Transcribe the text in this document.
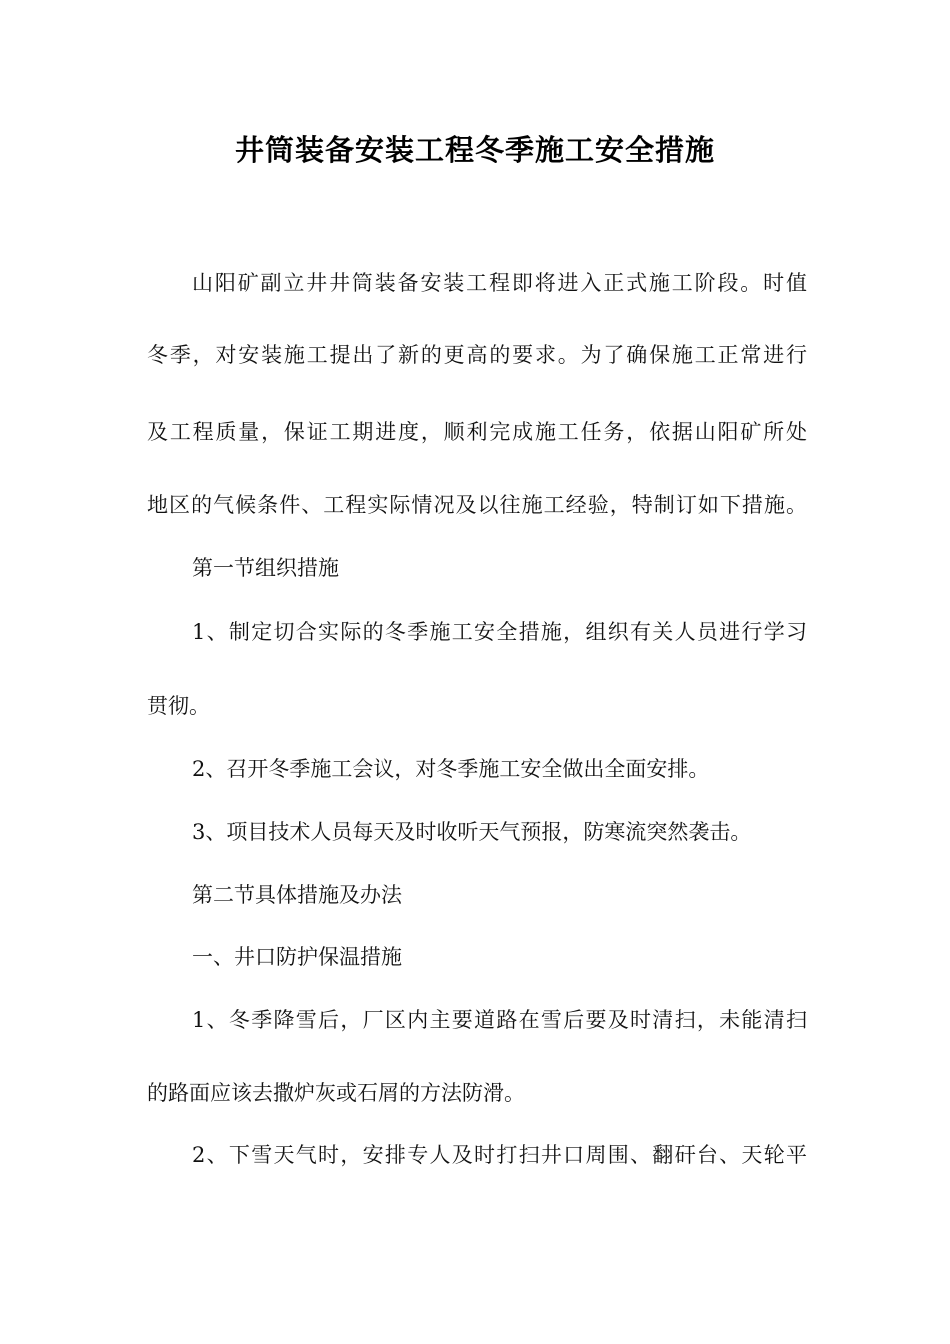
井筒装备安装工程冬季施工安全措施
山阳矿副立井井筒装备安装工程即将进入正式施工阶段。时值
冬季，对安装施工提出了新的更高的要求。为了确保施工正常进行
及工程质量，保证工期进度，顺利完成施工任务，依据山阳矿所处
地区的气候条件、工程实际情况及以往施工经验，特制订如下措施。
第一节组织措施
1、制定切合实际的冬季施工安全措施，组织有关人员进行学习
贯彻。
2、召开冬季施工会议，对冬季施工安全做出全面安排。
3、项目技术人员每天及时收听天气预报，防寒流突然袭击。
第二节具体措施及办法
一、井口防护保温措施
1、冬季降雪后，厂区内主要道路在雪后要及时清扫，未能清扫
的路面应该去撒炉灰或石屑的方法防滑。
2、下雪天气时，安排专人及时打扫井口周围、翻矸台、天轮平
